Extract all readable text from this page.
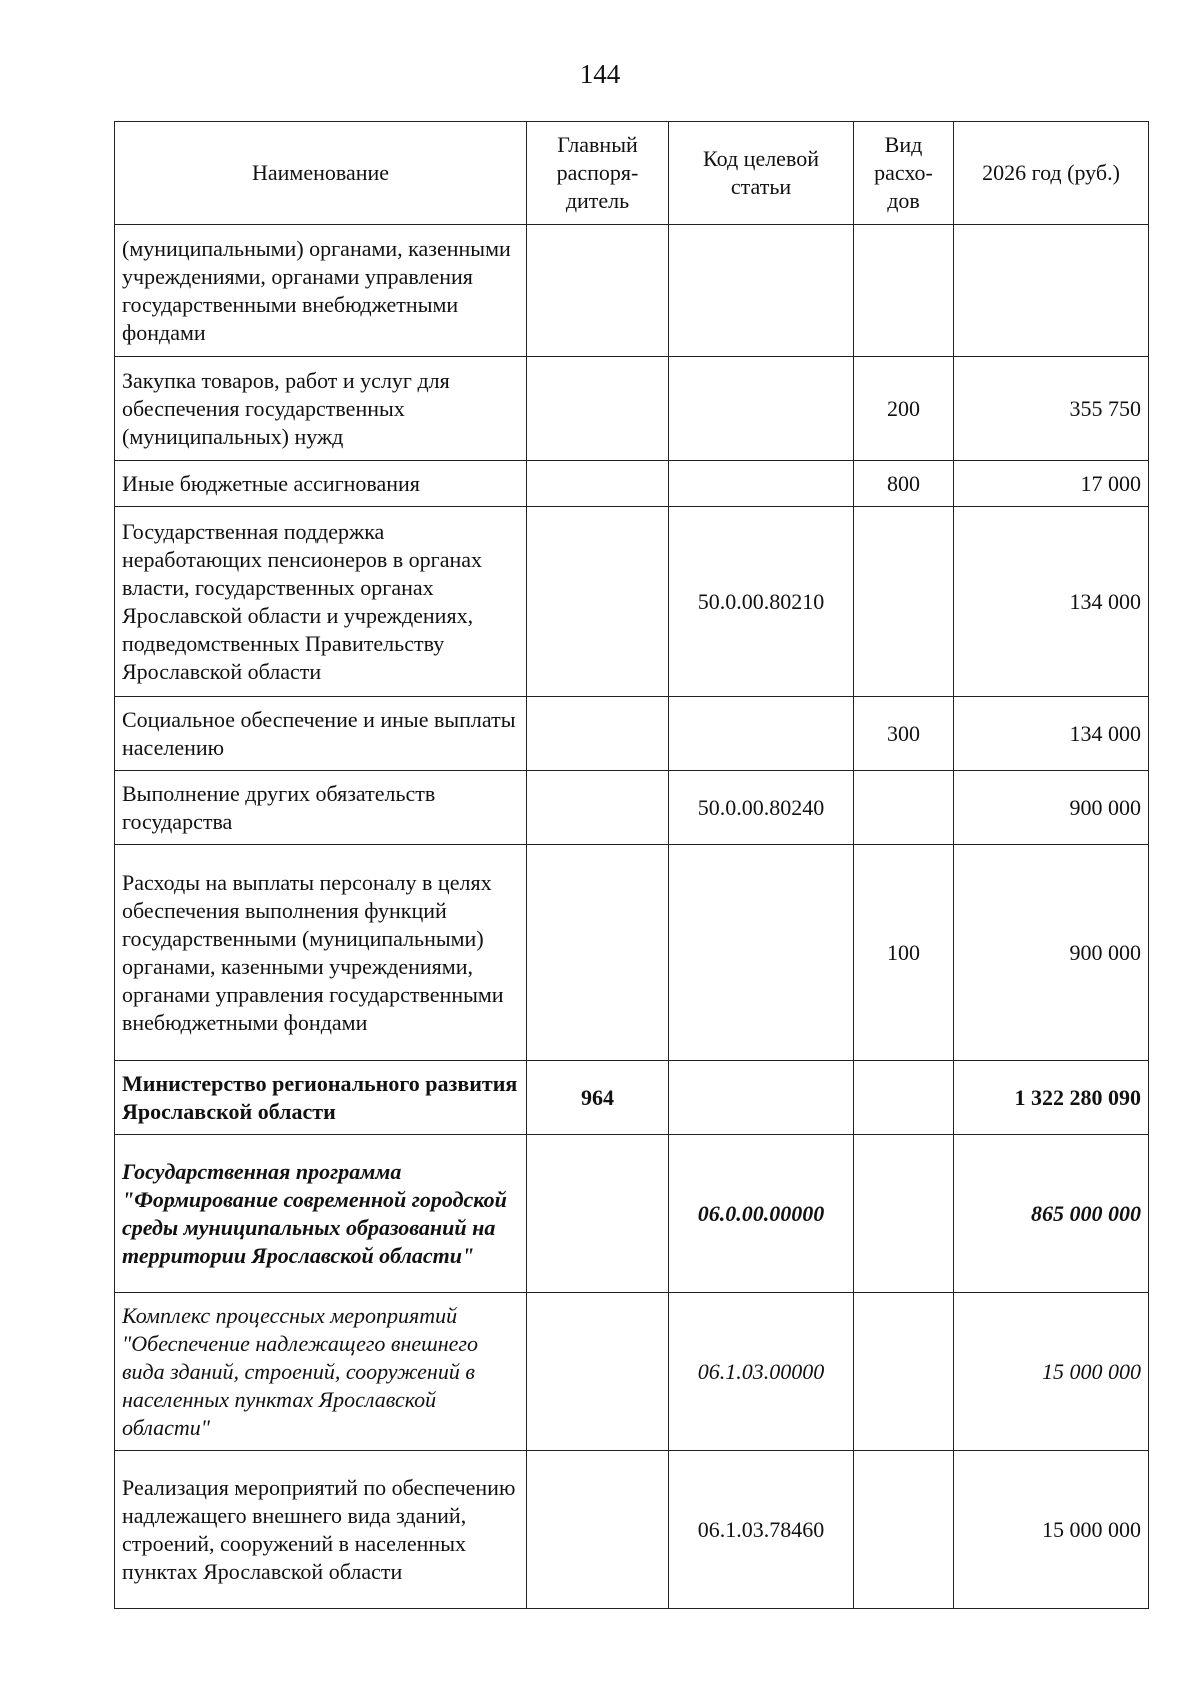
144
Наименование	Главный распоря-дитель	Код целевой статьи	Вид расхо-дов	2026 год (руб.)
(муниципальными) органами, казенными учреждениями, органами управления государственными внебюджетными фондами				
Закупка товаров, работ и услуг для обеспечения государственных (муниципальных) нужд			200	355 750
Иные бюджетные ассигнования			800	17 000
Государственная поддержка неработающих пенсионеров в органах власти, государственных органах Ярославской области и учреждениях, подведомственных Правительству Ярославской области		50.0.00.80210		134 000
Социальное обеспечение и иные выплаты населению			300	134 000
Выполнение других обязательств государства		50.0.00.80240		900 000
Расходы на выплаты персоналу в целях обеспечения выполнения функций государственными (муниципальными) органами, казенными учреждениями, органами управления государственными внебюджетными фондами			100	900 000
Министерство регионального развития Ярославской области	964			1 322 280 090
Государственная программа "Формирование современной городской среды муниципальных образований на территории Ярославской области"		06.0.00.00000		865 000 000
Комплекс процессных мероприятий "Обеспечение надлежащего внешнего вида зданий, строений, сооружений в населенных пунктах Ярославской области"		06.1.03.00000		15 000 000
Реализация мероприятий по обеспечению надлежащего внешнего вида зданий, строений, сооружений в населенных пунктах Ярославской области		06.1.03.78460		15 000 000
